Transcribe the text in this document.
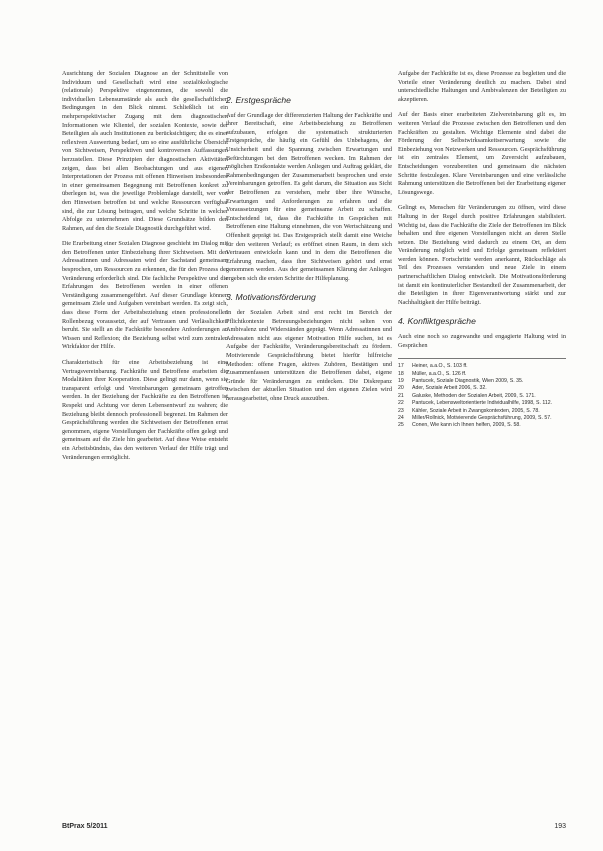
Ausrichtung der Sozialen Diagnose an der Schnittstelle von Individuum und Gesellschaft wird eine sozialökologische (relationale) Perspektive eingenommen, die sowohl die individuellen Lebensumstände als auch die gesellschaftlichen Bedingungen in den Blick nimmt. Schließlich ist ein mehrperspektivischer Zugang mit dem diagnostischen Informationen wie Klientel, der sozialen Kontexte, sowie der Beteiligten als auch Institutionen zu berücksichtigen; die es einer reflexiven Auswertung bedarf, um so eine ausführliche Übersicht von Sichtweisen, Perspektiven und kontroversen Auffassungen herzustellen. Diese Prinzipien der diagnostischen Aktivitäten zeigen, dass bei allen Beobachtungen und aus eigenen Interpretationen der Prozess mit offenen Hinweisen insbesondere in einer gemeinsamen Begegnung mit Betroffenen konkret zu überlegen ist, was die jeweilige Problemlage darstellt, wer von den Hinweisen betroffen ist und welche Ressourcen verfügbar sind, die zur Lösung beitragen, und welche Schritte in welcher Abfolge zu unternehmen sind. Diese Grundsätze bilden den Rahmen, auf den die Soziale Diagnostik durchgeführt wird.

Die Erarbeitung einer Sozialen Diagnose geschieht im Dialog mit den Betroffenen unter Einbeziehung ihrer Sichtweisen. Mit den Adressatinnen und Adressaten wird der Sachstand gemeinsam besprochen, um Ressourcen zu erkennen, die für den Prozess der Veränderung erforderlich sind. Die fachliche Perspektive und die Erfahrungen des Betroffenen werden in einer offenen Verständigung zusammengeführt. Auf dieser Grundlage können gemeinsam Ziele und Aufgaben vereinbart werden. Es zeigt sich, dass diese Form der Arbeitsbeziehung einen professionellen Rollenbezug voraussetzt, der auf Vertrauen und Verlässlichkeit beruht. Sie stellt an die Fachkräfte besondere Anforderungen an Wissen und Reflexion; die Beziehung selbst wird zum zentralen Wirkfaktor der Hilfe.

Charakteristisch für eine Arbeitsbeziehung ist eine Vertragsvereinbarung. Fachkräfte und Betroffene erarbeiten die Modalitäten ihrer Kooperation. Diese gelingt nur dann, wenn sie transparent erfolgt und Vereinbarungen gemeinsam getroffen werden. In der Beziehung der Fachkräfte zu den Betroffenen ist Respekt und Achtung vor deren Lebensentwurf zu wahren; die Beziehung bleibt dennoch professionell begrenzt. Im Rahmen der Gesprächsführung werden die Sichtweisen der Betroffenen ernst genommen, eigene Vorstellungen der Fachkräfte offen gelegt und gemeinsam auf die Ziele hin gearbeitet. Auf diese Weise entsteht ein Arbeitsbündnis, das den weiteren Verlauf der Hilfe trägt und Veränderungen ermöglicht.

2. Erstgespräche

Auf der Grundlage der differenzierten Haltung der Fachkräfte und ihrer Bereitschaft, eine Arbeitsbeziehung zu Betroffenen aufzubauen, erfolgen die systematisch strukturierten Erstgespräche, die häufig ein Gefühl des Unbehagens, der Unsicherheit und die Spannung zwischen Erwartungen und Befürchtungen bei den Betroffenen wecken. Im Rahmen der möglichen Erstkontakte werden Anliegen und Auftrag geklärt, die Rahmenbedingungen der Zusammenarbeit besprochen und erste Vereinbarungen getroffen. Es geht darum, die Situation aus Sicht der Betroffenen zu verstehen, mehr über ihre Wünsche, Erwartungen und Anforderungen zu erfahren und die Voraussetzungen für eine gemeinsame Arbeit zu schaffen. Entscheidend ist, dass die Fachkräfte in Gesprächen mit Betroffenen eine Haltung einnehmen, die von Wertschätzung und Offenheit geprägt ist. Das Erstgespräch stellt damit eine Weiche für den weiteren Verlauf; es eröffnet einen Raum, in dem sich Vertrauen entwickeln kann und in dem die Betroffenen die Erfahrung machen, dass ihre Sichtweisen gehört und ernst genommen werden. Aus der gemeinsamen Klärung der Anliegen ergeben sich die ersten Schritte der Hilfeplanung.

3. Motivationsförderung

In der Sozialen Arbeit sind erst recht im Bereich der Pflichtkontexte Betreuungsbeziehungen nicht selten von Ambivalenz und Widerständen geprägt. Wenn Adressatinnen und Adressaten nicht aus eigener Motivation Hilfe suchen, ist es Aufgabe der Fachkräfte, Veränderungsbereitschaft zu fördern. Motivierende Gesprächsführung bietet hierfür hilfreiche Methoden: offene Fragen, aktives Zuhören, Bestätigen und Zusammenfassen unterstützen die Betroffenen dabei, eigene Gründe für Veränderungen zu entdecken. Die Diskrepanz zwischen der aktuellen Situation und den eigenen Zielen wird herausgearbeitet, ohne Druck auszuüben.

Aufgabe der Fachkräfte ist es, diese Prozesse zu begleiten und die Vorteile einer Veränderung deutlich zu machen. Dabei sind unterschiedliche Haltungen und Ambivalenzen der Beteiligten zu akzeptieren.

Auf der Basis einer erarbeiteten Zielvereinbarung gilt es, im weiteren Verlauf die Prozesse zwischen den Betroffenen und den Fachkräften zu gestalten. Wichtige Elemente sind dabei die Förderung der Selbstwirksamkeitserwartung sowie die Einbeziehung von Netzwerken und Ressourcen. Gesprächsführung ist ein zentrales Element, um Zuversicht aufzubauen, Entscheidungen vorzubereiten und gemeinsam die nächsten Schritte festzulegen. Klare Vereinbarungen und eine verlässliche Rahmung unterstützen die Betroffenen bei der Erarbeitung eigener Lösungswege.

Gelingt es, Menschen für Veränderungen zu öffnen, wird diese Haltung in der Regel durch positive Erfahrungen stabilisiert. Wichtig ist, dass die Fachkräfte die Ziele der Betroffenen im Blick behalten und ihre eigenen Vorstellungen nicht an deren Stelle setzen. Die Beziehung wird dadurch zu einem Ort, an dem Veränderung möglich wird und Erfolge gemeinsam reflektiert werden können. Fortschritte werden anerkannt, Rückschläge als Teil des Prozesses verstanden und neue Ziele in einem partnerschaftlichen Dialog entwickelt. Die Motivationsförderung ist damit ein kontinuierlicher Bestandteil der Zusammenarbeit, der die Beteiligten in ihrer Eigenverantwortung stärkt und zur Nachhaltigkeit der Hilfe beiträgt.

4. Konfliktgespräche

Auch eine noch so zugewandte und engagierte Haltung wird in Gesprächen

17	Heiner, a.a.O., S. 103 ff.
18	Müller, a.a.O., S. 126 ff.
19	Pantucek, Soziale Diagnostik, Wien 2009, S. 35.
20	Ader, Soziale Arbeit 2006, S. 32.
21	Galuske, Methoden der Sozialen Arbeit, 2009, S. 171.
22	Pantucek, Lebensweltorientierte Individualhilfe, 1998, S. 112.
23	Kähler, Soziale Arbeit in Zwangskontexten, 2005, S. 78.
24	Miller/Rollnick, Motivierende Gesprächsführung, 2009, S. 57.
25	Conen, Wie kann ich Ihnen helfen, 2009, S. 58.
BtPrax 5/2011	193
